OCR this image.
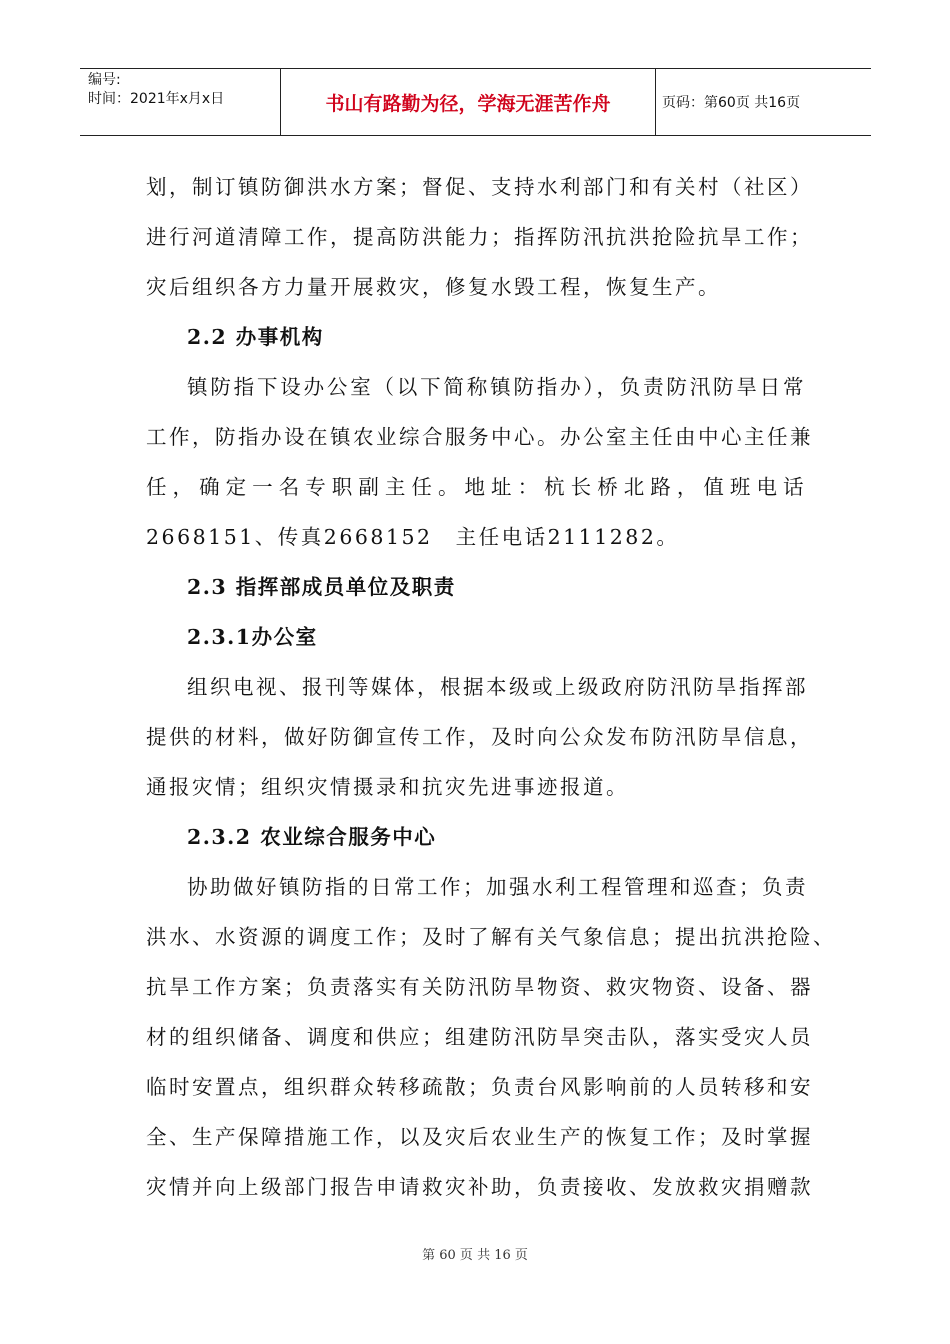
编号:
时间：2021年x月x日	书山有路勤为径，学海无涯苦作舟	页码：第60页 共16页
划，制订镇防御洪水方案；督促、支持水利部门和有关村（社区）
进行河道清障工作，提高防洪能力；指挥防汛抗洪抢险抗旱工作；
灾后组织各方力量开展救灾，修复水毁工程，恢复生产。
2.2 办事机构
镇防指下设办公室（以下简称镇防指办），负责防汛防旱日常
工作，防指办设在镇农业综合服务中心。办公室主任由中心主任兼
任，确定一名专职副主任。地址：杭长桥北路，值班电话
2668151、传真2668152　主任电话2111282。
2.3 指挥部成员单位及职责
2.3.1办公室
组织电视、报刊等媒体，根据本级或上级政府防汛防旱指挥部
提供的材料，做好防御宣传工作，及时向公众发布防汛防旱信息，
通报灾情；组织灾情摄录和抗灾先进事迹报道。
2.3.2 农业综合服务中心
协助做好镇防指的日常工作；加强水利工程管理和巡查；负责
洪水、水资源的调度工作；及时了解有关气象信息；提出抗洪抢险、
抗旱工作方案；负责落实有关防汛防旱物资、救灾物资、设备、器
材的组织储备、调度和供应；组建防汛防旱突击队，落实受灾人员
临时安置点，组织群众转移疏散；负责台风影响前的人员转移和安
全、生产保障措施工作，以及灾后农业生产的恢复工作；及时掌握
灾情并向上级部门报告申请救灾补助，负责接收、发放救灾捐赠款
第 60 页 共 16 页
